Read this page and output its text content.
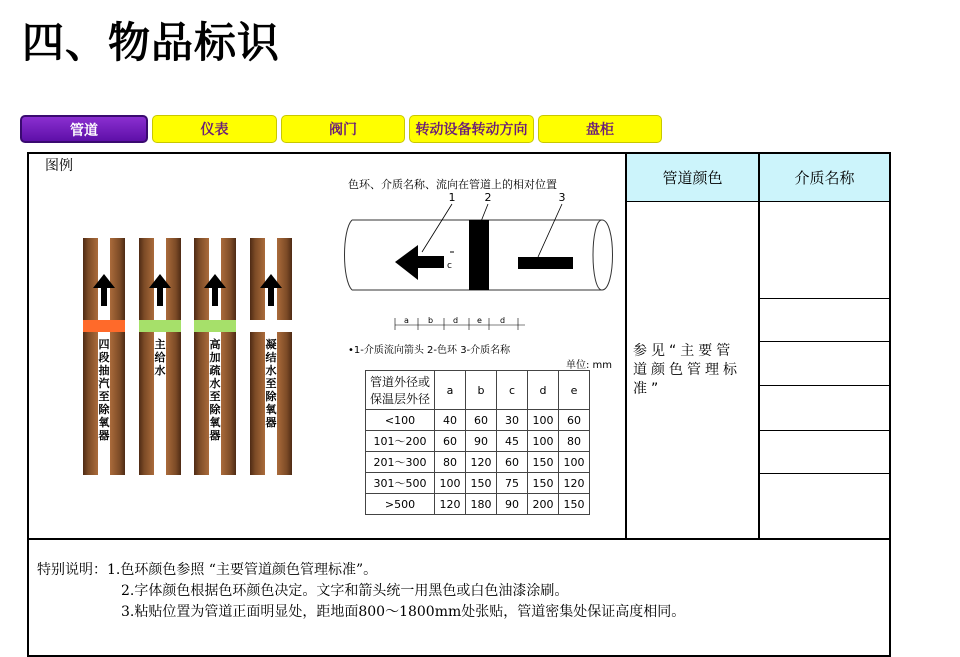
四、物品标识
管道	仪表	阀门	转动设备转动方向	盘柜
管道颜色	介质名称
参见“主要管道颜色管理标准”
图例
四段抽汽至除氧器
主给水
高加疏水至除氧器
凝结水至除氧器
色环、介质名称、流向在管道上的相对位置
1	2	3
c
a b d e d
•1-介质流向箭头 2-色环 3-介质名称
单位: mm
管道外径或保温层外径	a	b	c	d	e
<100	40	60	30	100	60
101～200	60	90	45	100	80
201～300	80	120	60	150	100
301～500	100	150	75	150	120
>500	120	180	90	200	150
特别说明：1.色环颜色参照 “主要管道颜色管理标准”。
2.字体颜色根据色环颜色决定。文字和箭头统一用黑色或白色油漆涂刷。
3.粘贴位置为管道正面明显处，距地面800～1800mm处张贴，管道密集处保证高度相同。
